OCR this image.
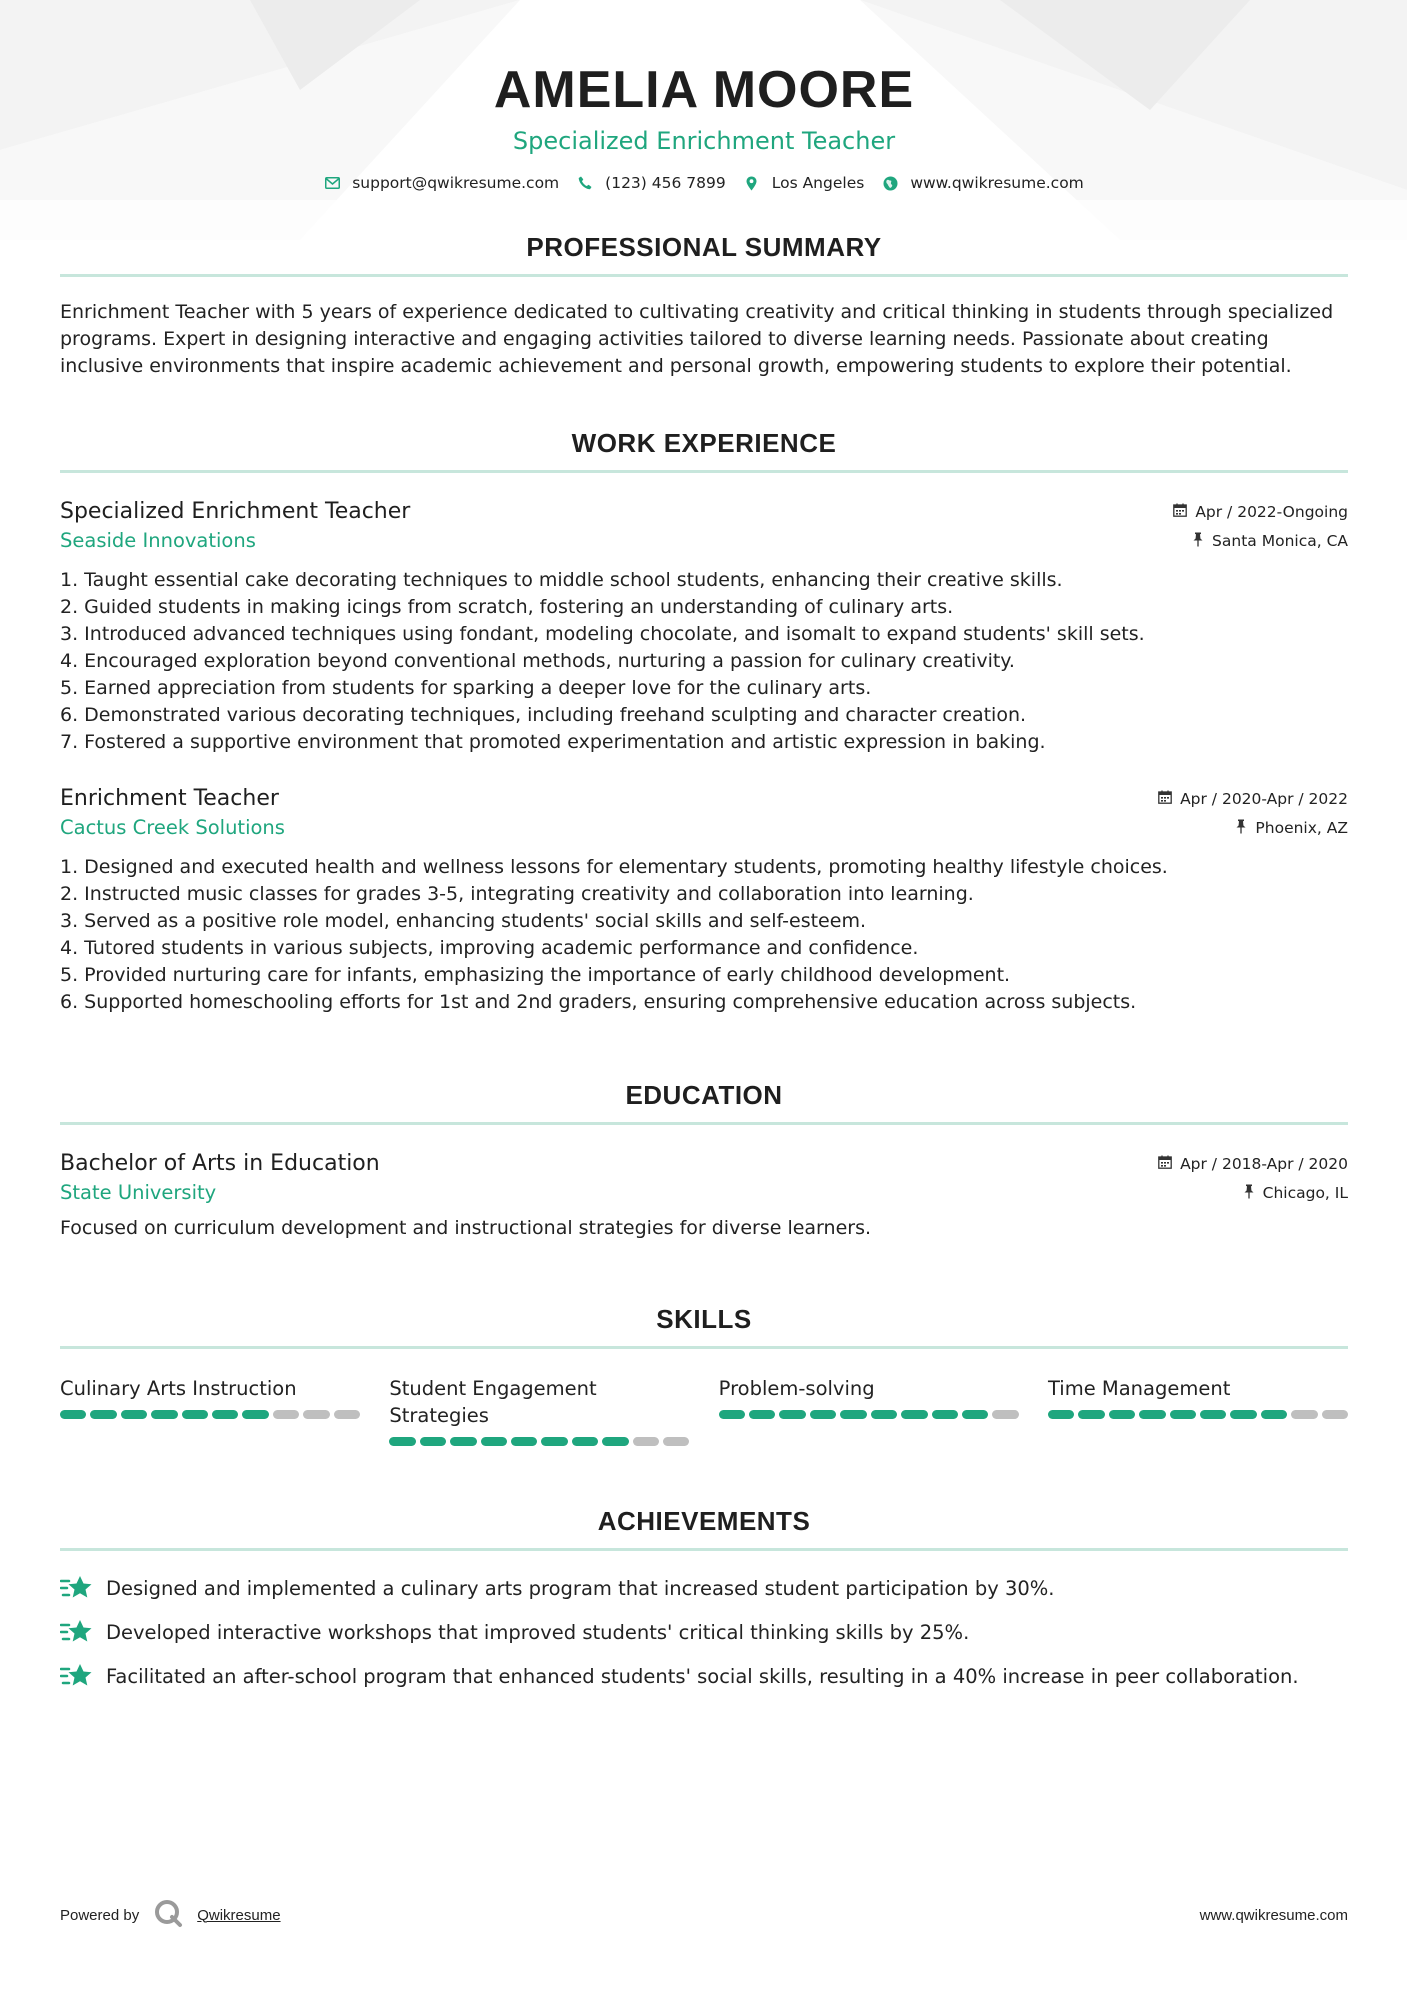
AMELIA MOORE
Specialized Enrichment Teacher
support@qwikresume.com	(123) 456 7899	Los Angeles	www.qwikresume.com
PROFESSIONAL SUMMARY

Enrichment Teacher with 5 years of experience dedicated to cultivating creativity and critical thinking in students through specialized programs. Expert in designing interactive and engaging activities tailored to diverse learning needs. Passionate about creating inclusive environments that inspire academic achievement and personal growth, empowering students to explore their potential.

WORK EXPERIENCE
Specialized Enrichment Teacher	Apr / 2022-Ongoing
Seaside Innovations	Santa Monica, CA
1. Taught essential cake decorating techniques to middle school students, enhancing their creative skills.
2. Guided students in making icings from scratch, fostering an understanding of culinary arts.
3. Introduced advanced techniques using fondant, modeling chocolate, and isomalt to expand students' skill sets.
4. Encouraged exploration beyond conventional methods, nurturing a passion for culinary creativity.
5. Earned appreciation from students for sparking a deeper love for the culinary arts.
6. Demonstrated various decorating techniques, including freehand sculpting and character creation.
7. Fostered a supportive environment that promoted experimentation and artistic expression in baking.
Enrichment Teacher	Apr / 2020-Apr / 2022
Cactus Creek Solutions	Phoenix, AZ
1. Designed and executed health and wellness lessons for elementary students, promoting healthy lifestyle choices.
2. Instructed music classes for grades 3-5, integrating creativity and collaboration into learning.
3. Served as a positive role model, enhancing students' social skills and self-esteem.
4. Tutored students in various subjects, improving academic performance and confidence.
5. Provided nurturing care for infants, emphasizing the importance of early childhood development.
6. Supported homeschooling efforts for 1st and 2nd graders, ensuring comprehensive education across subjects.
EDUCATION
Bachelor of Arts in Education	Apr / 2018-Apr / 2020
State University	Chicago, IL

Focused on curriculum development and instructional strategies for diverse learners.

SKILLS
Culinary Arts Instruction	Student Engagement Strategies
Problem-solving	Time Management
ACHIEVEMENTS
Designed and implemented a culinary arts program that increased student participation by 30%.
Developed interactive workshops that improved students' critical thinking skills by 25%.
Facilitated an after-school program that enhanced students' social skills, resulting in a 40% increase in peer collaboration.
Powered by	Qwikresume	www.qwikresume.com
